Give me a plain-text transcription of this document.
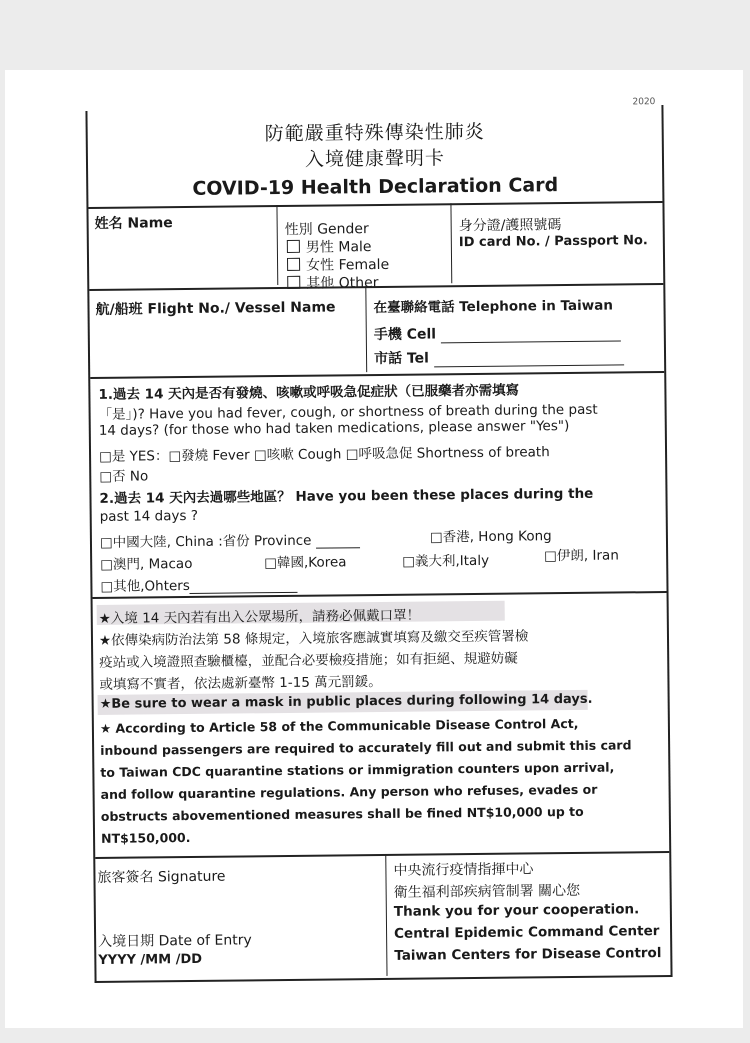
2020
防範嚴重特殊傳染性肺炎
入境健康聲明卡
COVID-19 Health Declaration Card
姓名 Name	性別 Gender
男性 Male
女性 Female
其他 Other
身分證/護照號碼
ID card No. / Passport No.
航/船班 Flight No./ Vessel Name	在臺聯絡電話 Telephone in Taiwan
手機 Cell
市話 Tel
1.過去 14 天內是否有發燒、咳嗽或呼吸急促症狀（已服藥者亦需填寫
「是」)? Have you had fever, cough, or shortness of breath during the past
14 days? (for those who had taken medications, please answer "Yes")
□是 YES：□發燒 Fever □咳嗽 Cough □呼吸急促 Shortness of breath
□否 No
2.過去 14 天內去過哪些地區？ Have you been these places during the
past 14 days ?
□中國大陸, China :省份 Province	□香港, Hong Kong
□澳門, Macao	□韓國,Korea	□義大利,Italy	□伊朗, Iran
□其他,Ohters
★入境 14 天內若有出入公眾場所，請務必佩戴口罩！
★依傳染病防治法第 58 條規定，入境旅客應誠實填寫及繳交至疾管署檢
疫站或入境證照查驗櫃檯，並配合必要檢疫措施；如有拒絕、規避妨礙
或填寫不實者，依法處新臺幣 1-15 萬元罰鍰。
★Be sure to wear a mask in public places during following 14 days.
★ According to Article 58 of the Communicable Disease Control Act,
inbound passengers are required to accurately fill out and submit this card
to Taiwan CDC quarantine stations or immigration counters upon arrival,
and follow quarantine regulations. Any person who refuses, evades or
obstructs abovementioned measures shall be fined NT$10,000 up to
NT$150,000.
旅客簽名 Signature
入境日期 Date of Entry
YYYY /MM /DD
中央流行疫情指揮中心
衛生福利部疾病管制署 關心您
Thank you for your cooperation.
Central Epidemic Command Center
Taiwan Centers for Disease Control
